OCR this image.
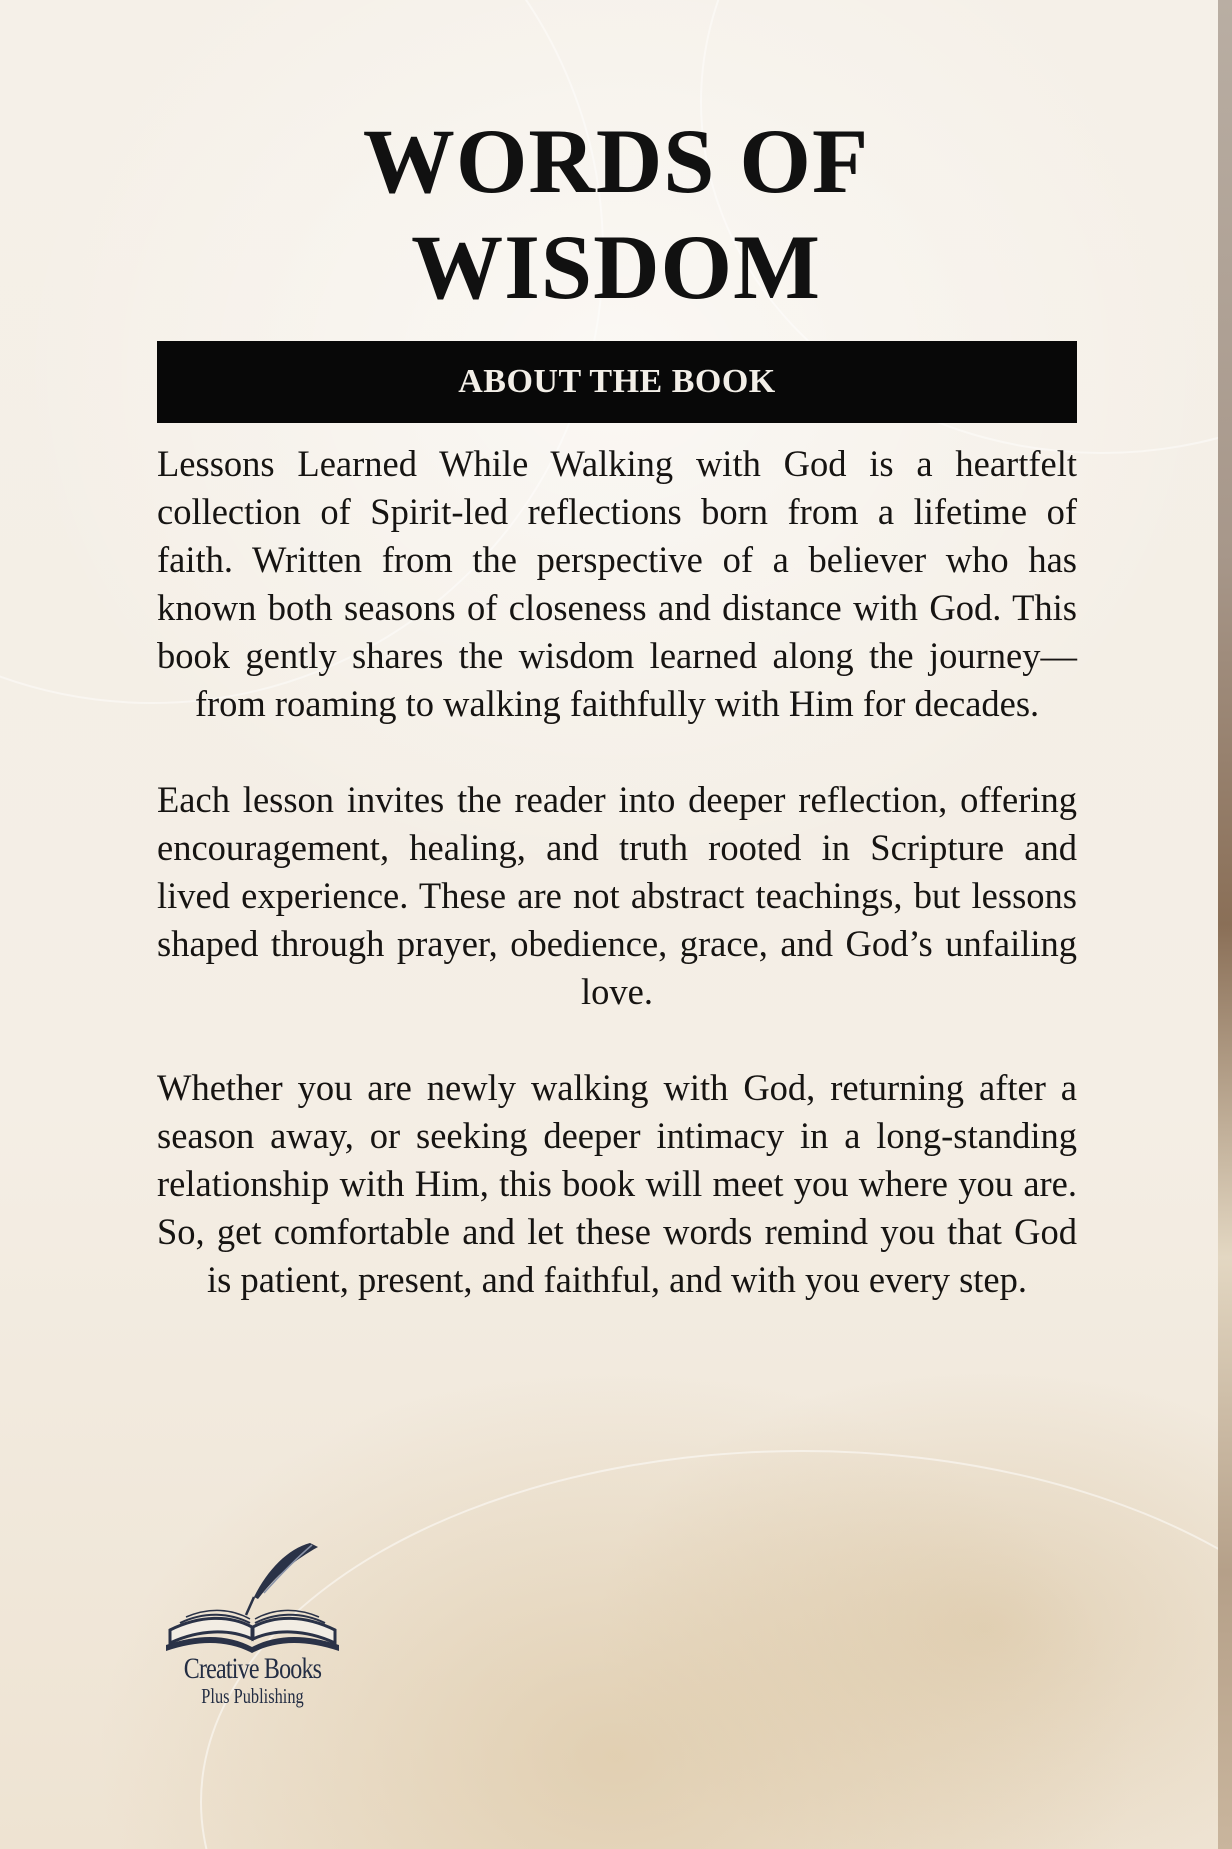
WORDS OF
WISDOM
ABOUT THE BOOK

Lessons Learned While Walking with God is a heartfelt collection of Spirit-led reflections born from a lifetime of faith. Written from the perspective of a believer who has known both seasons of closeness and distance with God. This book gently shares the wisdom learned along the journey—from roaming to walking faithfully with Him for decades.

Each lesson invites the reader into deeper reflection, offering encouragement, healing, and truth rooted in Scripture and lived experience. These are not abstract teachings, but lessons shaped through prayer, obedience, grace, and God’s unfailing love.

Whether you are newly walking with God, returning after a season away, or seeking deeper intimacy in a long-standing relationship with Him, this book will meet you where you are. So, get comfortable and let these words remind you that God is patient, present, and faithful, and with you every step.

Creative Books
Plus Publishing
